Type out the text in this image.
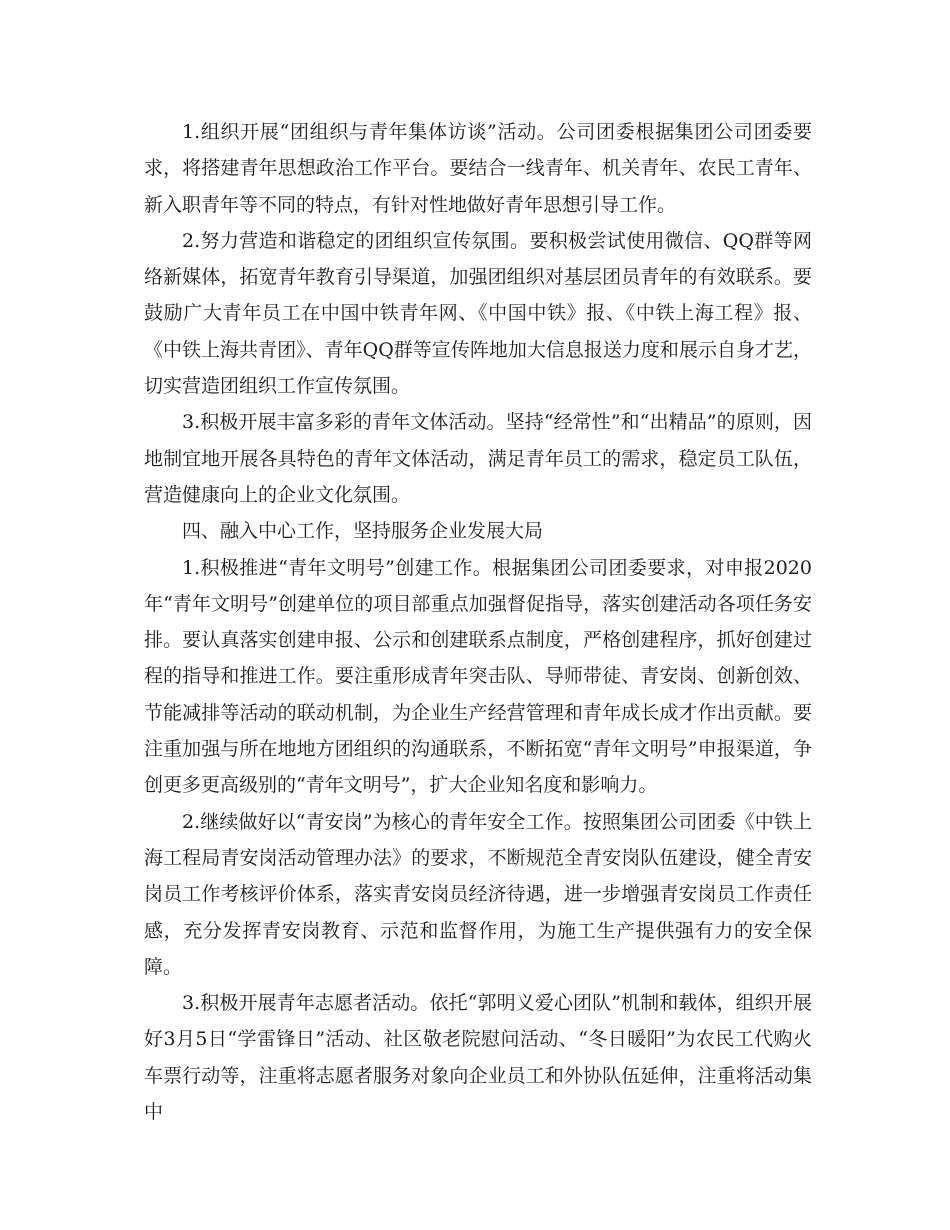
1.组织开展“团组织与青年集体访谈”活动。公司团委根据集团公司团委要求，将搭建青年思想政治工作平台。要结合一线青年、机关青年、农民工青年、新入职青年等不同的特点，有针对性地做好青年思想引导工作。

2.努力营造和谐稳定的团组织宣传氛围。要积极尝试使用微信、QQ群等网络新媒体，拓宽青年教育引导渠道，加强团组织对基层团员青年的有效联系。要鼓励广大青年员工在中国中铁青年网、《中国中铁》报、《中铁上海工程》报、《中铁上海共青团》、青年QQ群等宣传阵地加大信息报送力度和展示自身才艺，切实营造团组织工作宣传氛围。

3.积极开展丰富多彩的青年文体活动。坚持“经常性”和“出精品”的原则，因地制宜地开展各具特色的青年文体活动，满足青年员工的需求，稳定员工队伍，营造健康向上的企业文化氛围。

四、融入中心工作，坚持服务企业发展大局

1.积极推进“青年文明号”创建工作。根据集团公司团委要求，对申报2020年“青年文明号”创建单位的项目部重点加强督促指导，落实创建活动各项任务安排。要认真落实创建申报、公示和创建联系点制度，严格创建程序，抓好创建过程的指导和推进工作。要注重形成青年突击队、导师带徒、青安岗、创新创效、节能减排等活动的联动机制，为企业生产经营管理和青年成长成才作出贡献。要注重加强与所在地地方团组织的沟通联系，不断拓宽“青年文明号”申报渠道，争创更多更高级别的“青年文明号”，扩大企业知名度和影响力。

2.继续做好以“青安岗”为核心的青年安全工作。按照集团公司团委《中铁上海工程局青安岗活动管理办法》的要求，不断规范全青安岗队伍建设，健全青安岗员工作考核评价体系，落实青安岗员经济待遇，进一步增强青安岗员工作责任感，充分发挥青安岗教育、示范和监督作用，为施工生产提供强有力的安全保障。

3.积极开展青年志愿者活动。依托“郭明义爱心团队”机制和载体，组织开展好3月5日“学雷锋日”活动、社区敬老院慰问活动、“冬日暖阳”为农民工代购火车票行动等，注重将志愿者服务对象向企业员工和外协队伍延伸，注重将活动集中
